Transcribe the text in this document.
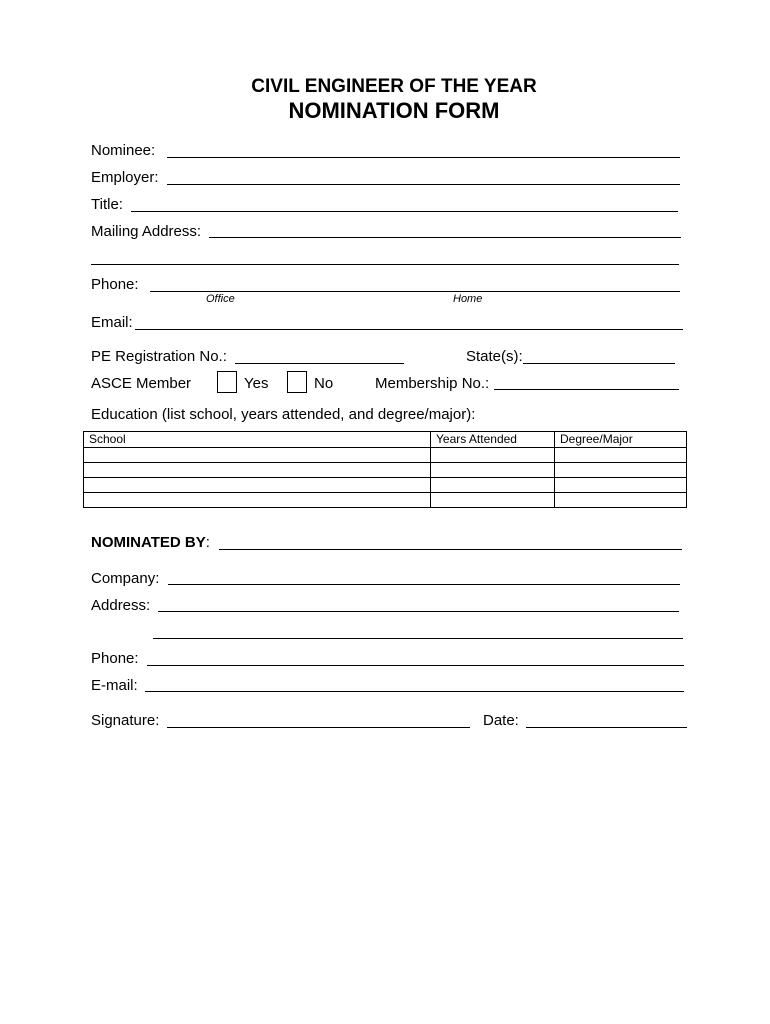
CIVIL ENGINEER OF THE YEAR
NOMINATION FORM
Nominee:
Employer:
Title:
Mailing Address:
Phone:
Office	Home
Email:
PE Registration No.:	State(s):
ASCE Member	Yes	No	Membership No.:
Education (list school, years attended, and degree/major):
School	Years Attended	Degree/Major

NOMINATED BY:
Company:
Address:
Phone:
E-mail:
Signature:	Date:
